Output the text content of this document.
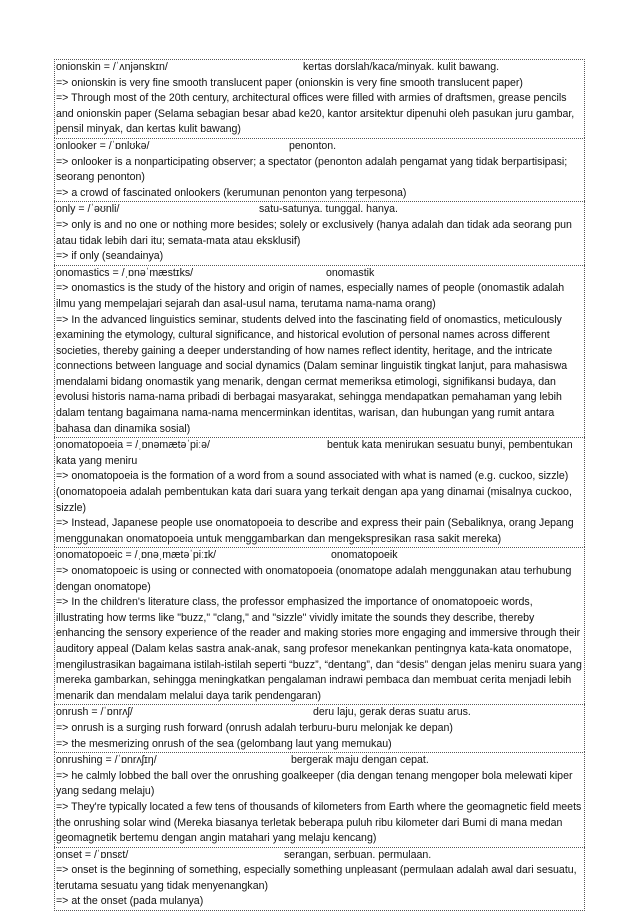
onionskin = /ˈʌnjənskɪn/	kertas dorslah/kaca/minyak. kulit bawang.
=> onionskin is very fine smooth translucent paper (onionskin is very fine smooth translucent paper)
=> Through most of the 20th century, architectural offices were filled with armies of draftsmen, grease pencils and onionskin paper (Selama sebagian besar abad ke20, kantor arsitektur dipenuhi oleh pasukan juru gambar, pensil minyak, dan kertas kulit bawang)
onlooker = /ˈɒnlʊkə/	penonton.
=> onlooker is a nonparticipating observer; a spectator (penonton adalah pengamat yang tidak berpartisipasi; seorang penonton)
=> a crowd of fascinated onlookers (kerumunan penonton yang terpesona)
only = /ˈəʊnli/	satu-satunya. tunggal. hanya.
=> only is and no one or nothing more besides; solely or exclusively (hanya adalah dan tidak ada seorang pun atau tidak lebih dari itu; semata-mata atau eksklusif)
=> if only (seandainya)
onomastics = /ˌɒnəˈmæstɪks/	onomastik
=> onomastics is the study of the history and origin of names, especially names of people (onomastik adalah ilmu yang mempelajari sejarah dan asal-usul nama, terutama nama-nama orang)
=> In the advanced linguistics seminar, students delved into the fascinating field of onomastics, meticulously examining the etymology, cultural significance, and historical evolution of personal names across different societies, thereby gaining a deeper understanding of how names reflect identity, heritage, and the intricate connections between language and social dynamics (Dalam seminar linguistik tingkat lanjut, para mahasiswa mendalami bidang onomastik yang menarik, dengan cermat memeriksa etimologi, signifikansi budaya, dan evolusi historis nama-nama pribadi di berbagai masyarakat, sehingga mendapatkan pemahaman yang lebih dalam tentang bagaimana nama-nama mencerminkan identitas, warisan, dan hubungan yang rumit antara bahasa dan dinamika sosial)
onomatopoeia = /ˌɒnəmætəˈpiːə/	bentuk kata menirukan sesuatu bunyi, pembentukan kata yang meniru
=> onomatopoeia is the formation of a word from a sound associated with what is named (e.g. cuckoo, sizzle) (onomatopoeia adalah pembentukan kata dari suara yang terkait dengan apa yang dinamai (misalnya cuckoo, sizzle)
=> Instead, Japanese people use onomatopoeia to describe and express their pain (Sebaliknya, orang Jepang menggunakan onomatopoeia untuk menggambarkan dan mengekspresikan rasa sakit mereka)
onomatopoeic = /ˌɒnəˌmætəˈpiːɪk/	onomatopoeik
=> onomatopoeic is using or connected with onomatopoeia (onomatope adalah menggunakan atau terhubung dengan onomatope)
=> In the children's literature class, the professor emphasized the importance of onomatopoeic words, illustrating how terms like "buzz," "clang," and "sizzle" vividly imitate the sounds they describe, thereby enhancing the sensory experience of the reader and making stories more engaging and immersive through their auditory appeal (Dalam kelas sastra anak-anak, sang profesor menekankan pentingnya kata-kata onomatope, mengilustrasikan bagaimana istilah-istilah seperti “buzz”, “dentang”, dan “desis” dengan jelas meniru suara yang mereka gambarkan, sehingga meningkatkan pengalaman indrawi pembaca dan membuat cerita menjadi lebih menarik dan mendalam melalui daya tarik pendengaran)
onrush = /ˈɒnrʌʃ/	deru laju, gerak deras suatu arus.
=> onrush is a surging rush forward (onrush adalah terburu-buru melonjak ke depan)
=> the mesmerizing onrush of the sea (gelombang laut yang memukau)
onrushing = /ˈɒnrʌʃɪŋ/	bergerak maju dengan cepat.
=> he calmly lobbed the ball over the onrushing goalkeeper (dia dengan tenang mengoper bola melewati kiper yang sedang melaju)
=> They're typically located a few tens of thousands of kilometers from Earth where the geomagnetic field meets the onrushing solar wind (Mereka biasanya terletak beberapa puluh ribu kilometer dari Bumi di mana medan geomagnetik bertemu dengan angin matahari yang melaju kencang)
onset = /ˈɒnsɛt/	serangan, serbuan. permulaan.
=> onset is the beginning of something, especially something unpleasant (permulaan adalah awal dari sesuatu, terutama sesuatu yang tidak menyenangkan)
=> at the onset (pada mulanya)
